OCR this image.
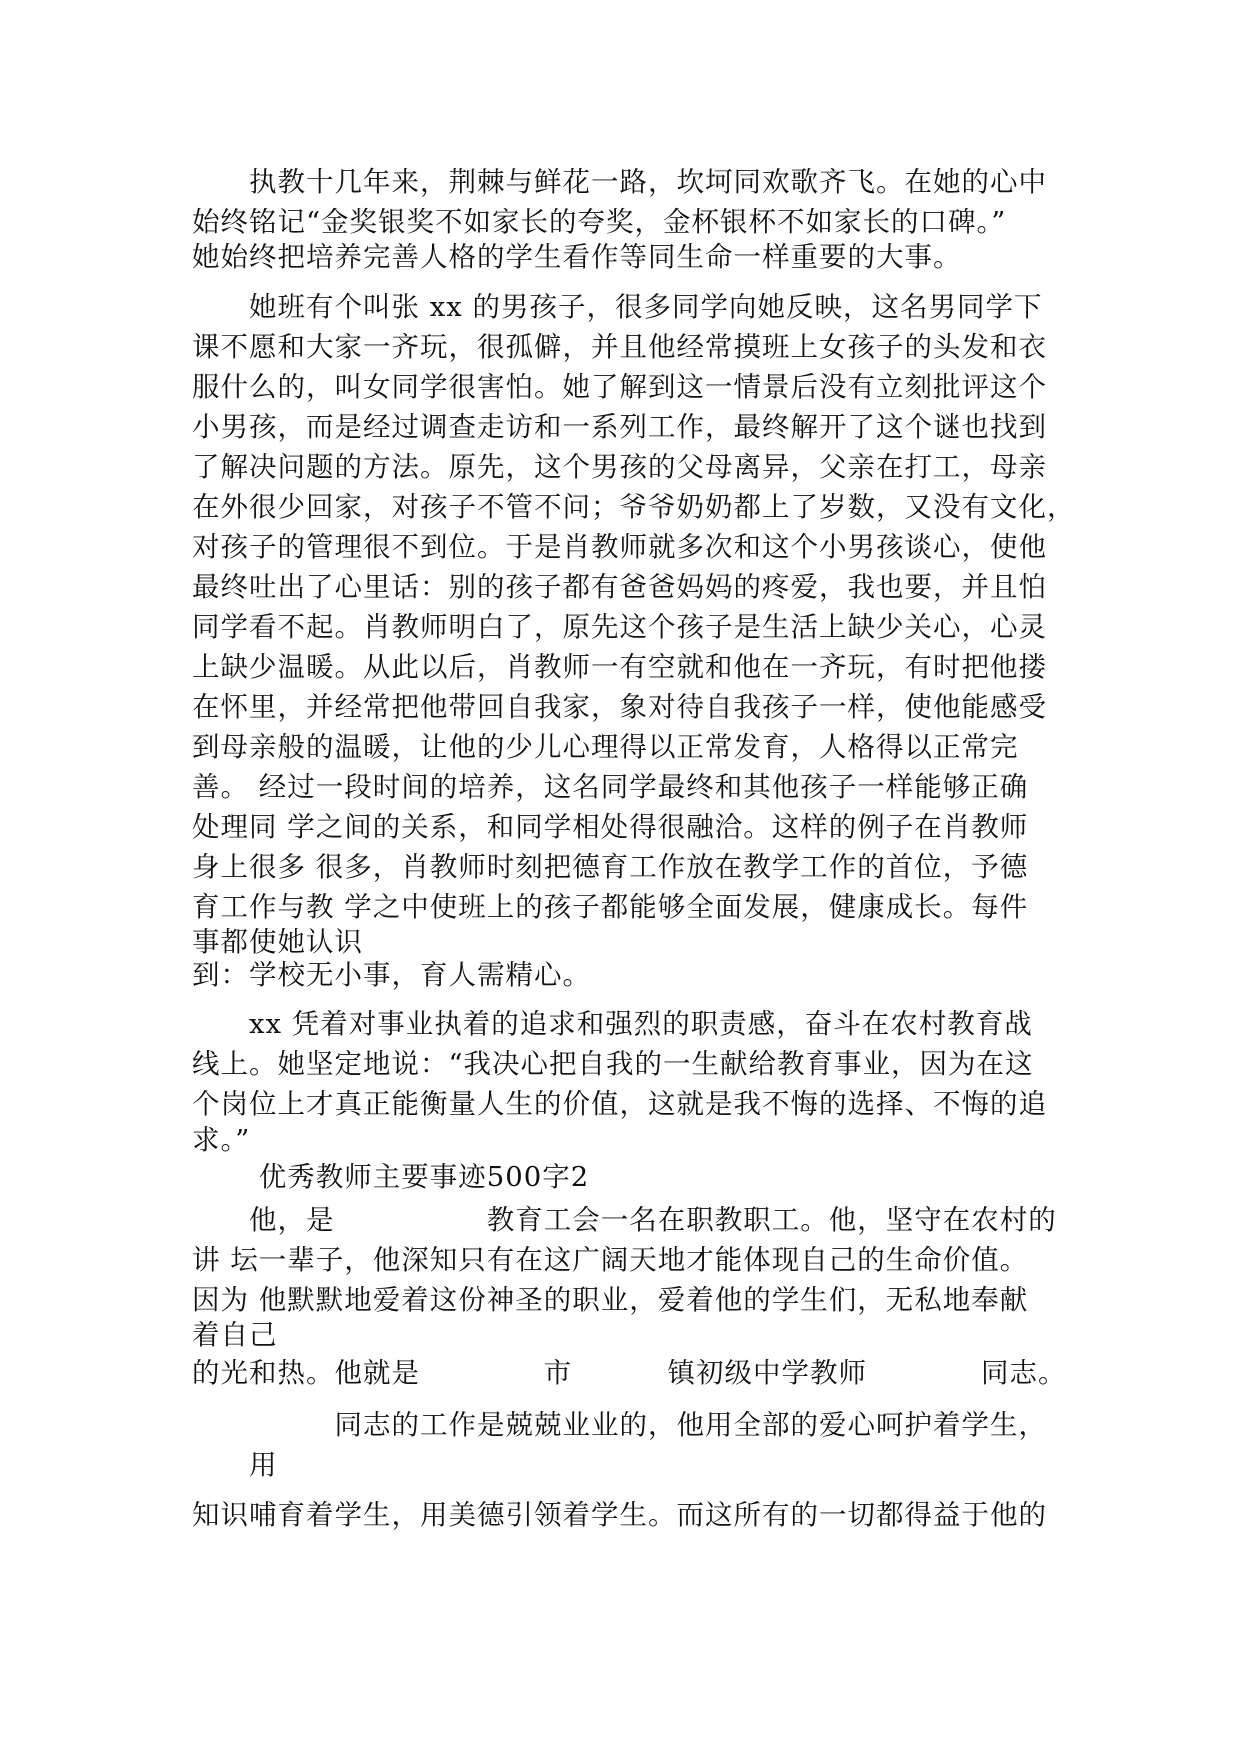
　　执教十几年来，荆棘与鲜花一路，坎坷同欢歌齐飞。在她的心中
始终铭记“金奖银奖不如家长的夸奖，金杯银杯不如家长的口碑。”
她始终把培养完善人格的学生看作等同生命一样重要的大事。
　　她班有个叫张 xx 的男孩子，很多同学向她反映，这名男同学下
课不愿和大家一齐玩，很孤僻，并且他经常摸班上女孩子的头发和衣
服什么的，叫女同学很害怕。她了解到这一情景后没有立刻批评这个
小男孩，而是经过调查走访和一系列工作，最终解开了这个谜也找到
了解决问题的方法。原先，这个男孩的父母离异，父亲在打工，母亲
在外很少回家，对孩子不管不问；爷爷奶奶都上了岁数，又没有文化，
对孩子的管理很不到位。于是肖教师就多次和这个小男孩谈心，使他
最终吐出了心里话：别的孩子都有爸爸妈妈的疼爱，我也要，并且怕
同学看不起。肖教师明白了，原先这个孩子是生活上缺少关心，心灵
上缺少温暖。从此以后，肖教师一有空就和他在一齐玩，有时把他搂
在怀里，并经常把他带回自我家，象对待自我孩子一样，使他能感受
到母亲般的温暖，让他的少儿心理得以正常发育，人格得以正常完
善。 经过一段时间的培养，这名同学最终和其他孩子一样能够正确
处理同 学之间的关系，和同学相处得很融洽。这样的例子在肖教师
身上很多 很多，肖教师时刻把德育工作放在教学工作的首位，予德
育工作与教 学之中使班上的孩子都能够全面发展，健康成长。每件
事都使她认识
到：学校无小事，育人需精心。
　　xx 凭着对事业执着的追求和强烈的职责感，奋斗在农村教育战
线上。她坚定地说：“我决心把自我的一生献给教育事业，因为在这
个岗位上才真正能衡量人生的价值，这就是我不悔的选择、不悔的追
求。”
　　 优秀教师主要事迹500字2
　　他，是　　　　　 教育工会一名在职教职工。他，坚守在农村的
讲 坛一辈子，他深知只有在这广阔天地才能体现自己的生命价值。
因为 他默默地爱着这份神圣的职业，爱着他的学生们，无私地奉献
着自己
的光和热。他就是　　　　 市　　　 镇初级中学教师　　　　同志。
　　　　　同志的工作是兢兢业业的，他用全部的爱心呵护着学生，
　　用
知识哺育着学生，用美德引领着学生。而这所有的一切都得益于他的
